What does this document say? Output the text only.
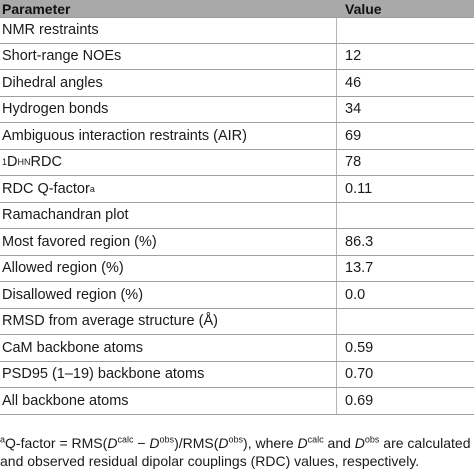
Parameter	Value
NMR restraints
Short-range NOEs	12
Dihedral angles	46
Hydrogen bonds	34
Ambiguous interaction restraints (AIR)	69
1 D HN RDC	78
RDC Q-factor a	0.11
Ramachandran plot
Most favored region (%)	86.3
Allowed region (%)	13.7
Disallowed region (%)	0.0
RMSD from average structure (Å)
CaM backbone atoms	0.59
PSD95 (1–19) backbone atoms	0.70
All backbone atoms	0.69
$^a$Q-factor = $RMS(D^{calc} - D^{obs})/RMS(D^{obs})$, where $D^{calc}$ and $D^{obs}$ are calculated
and observed residual dipolar couplings (RDC) values, respectively.
